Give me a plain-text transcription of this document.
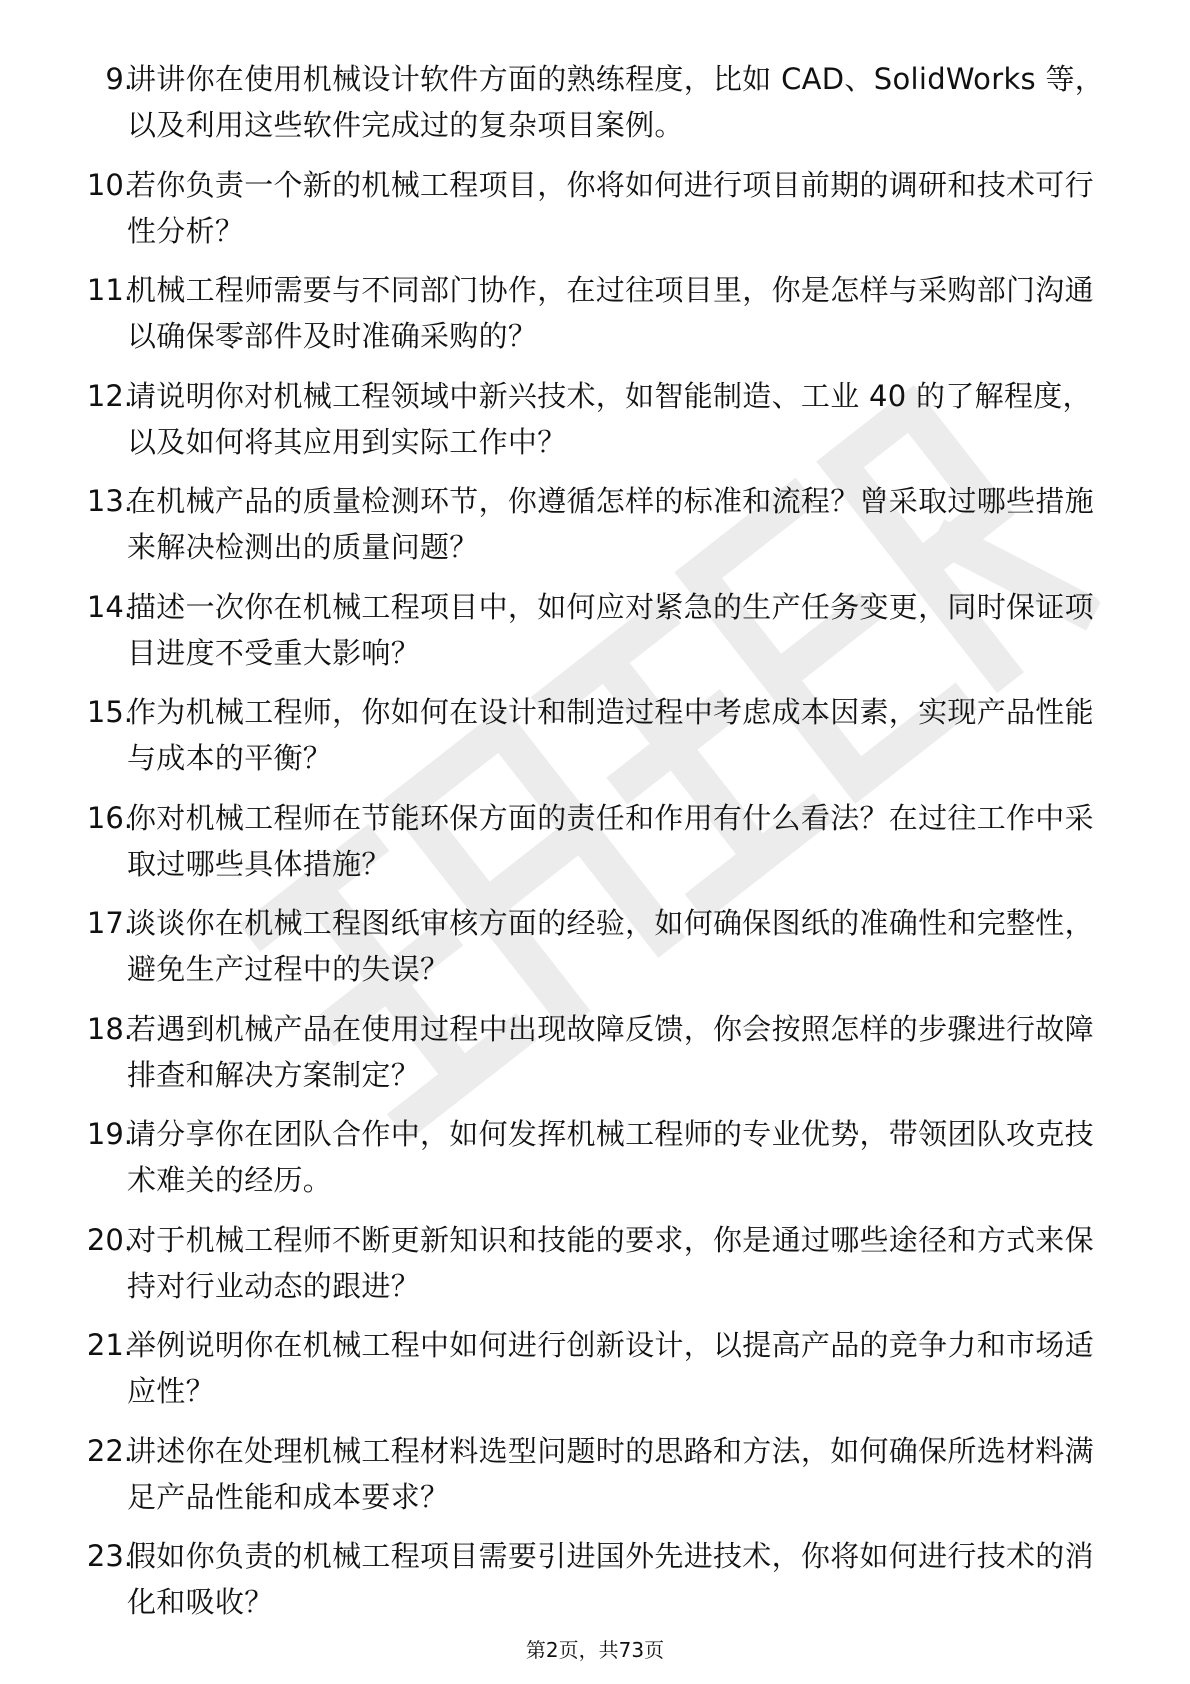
9.
讲讲你在使用机械设计软件方面的熟练程度，比如 CAD、SolidWorks 等，以及利用这些软件完成过的复杂项目案例。
10.
若你负责一个新的机械工程项目，你将如何进行项目前期的调研和技术可行性分析？
11.
机械工程师需要与不同部门协作，在过往项目里，你是怎样与采购部门沟通以确保零部件及时准确采购的？
12.
请说明你对机械工程领域中新兴技术，如智能制造、工业 40 的了解程度，以及如何将其应用到实际工作中？
13.
在机械产品的质量检测环节，你遵循怎样的标准和流程？曾采取过哪些措施来解决检测出的质量问题？
14.
描述一次你在机械工程项目中，如何应对紧急的生产任务变更，同时保证项目进度不受重大影响？
15.
作为机械工程师，你如何在设计和制造过程中考虑成本因素，实现产品性能与成本的平衡？
16.
你对机械工程师在节能环保方面的责任和作用有什么看法？在过往工作中采取过哪些具体措施？
17.
谈谈你在机械工程图纸审核方面的经验，如何确保图纸的准确性和完整性，避免生产过程中的失误？
18.
若遇到机械产品在使用过程中出现故障反馈，你会按照怎样的步骤进行故障排查和解决方案制定？
19.
请分享你在团队合作中，如何发挥机械工程师的专业优势，带领团队攻克技术难关的经历。
20.
对于机械工程师不断更新知识和技能的要求，你是通过哪些途径和方式来保持对行业动态的跟进？
21.
举例说明你在机械工程中如何进行创新设计，以提高产品的竞争力和市场适应性？
22.
讲述你在处理机械工程材料选型问题时的思路和方法，如何确保所选材料满足产品性能和成本要求？
23.
假如你负责的机械工程项目需要引进国外先进技术，你将如何进行技术的消化和吸收？
第2页，共73页
